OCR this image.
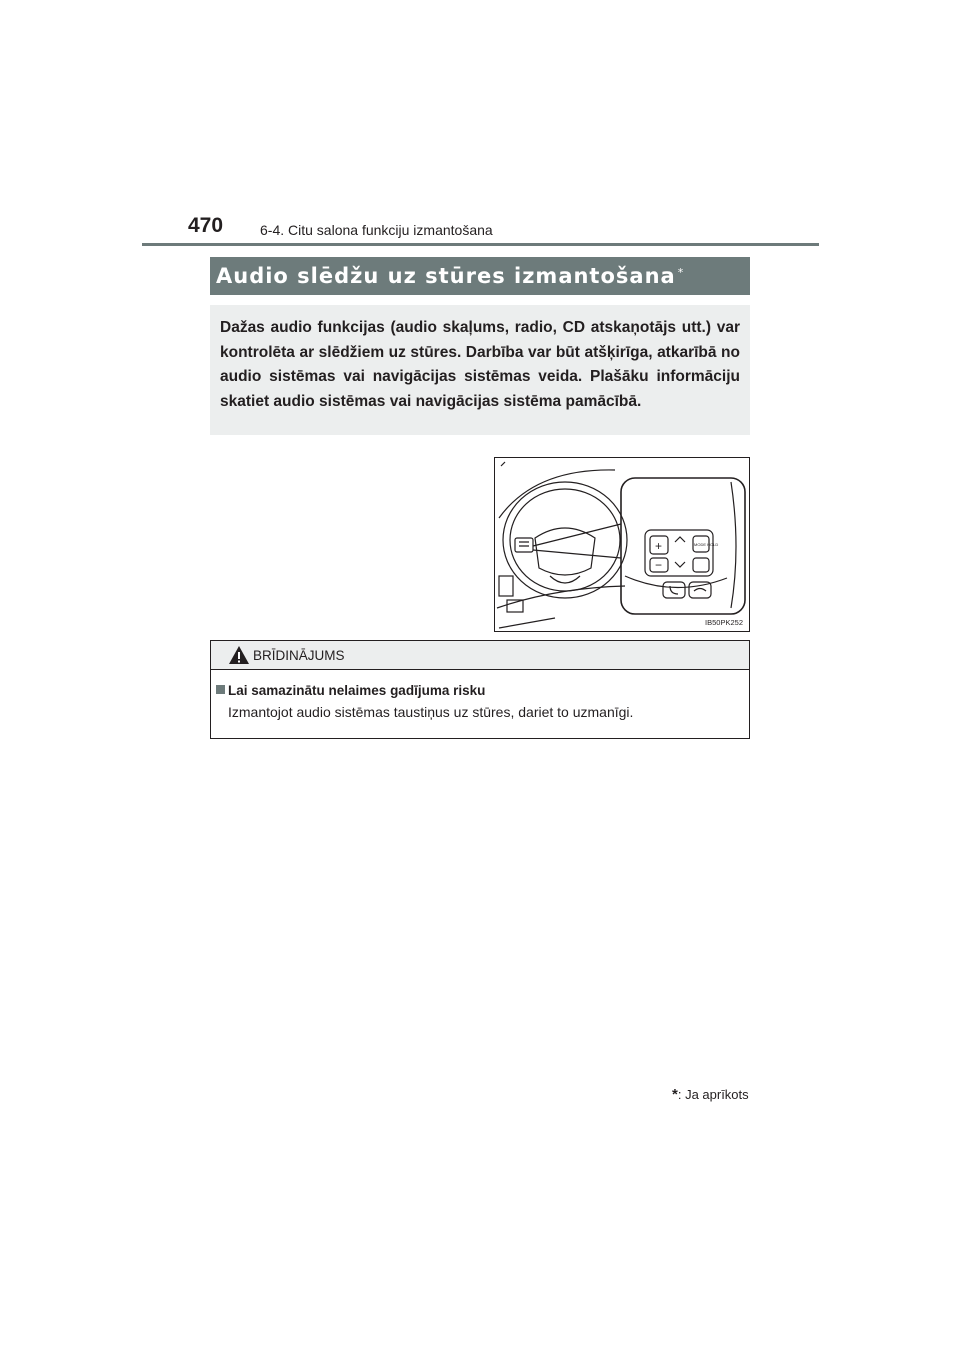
470	6-4. Citu salona funkciju izmantošana
Audio slēdžu uz stūres izmantošana *

Dažas audio funkcijas (audio skaļums, radio, CD atskaņotājs utt.) var kontrolēta ar slēdžiem uz stūres. Darbība var būt atšķirīga, atkarībā no audio sistēmas vai navigācijas sistēmas veida. Plašāku informāciju skatiet audio sistēmas vai navigācijas sistēma pamācībā.

+
−
MODE HOLD
IB50PK252
BRĪDINĀJUMS
Lai samazinātu nelaimes gadījuma risku
Izmantojot audio sistēmas taustiņus uz stūres, dariet to uzmanīgi.
*: Ja aprīkots
